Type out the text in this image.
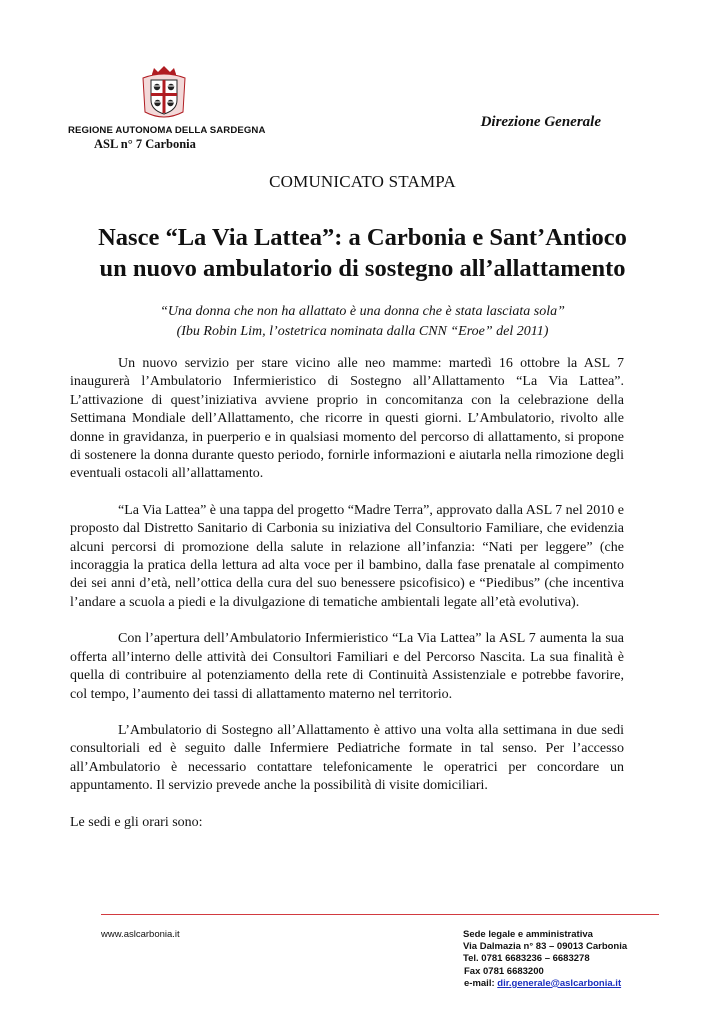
REGIONE AUTONOMA DELLA SARDEGNA
ASL n° 7 Carbonia
Direzione Generale
COMUNICATO STAMPA
Nasce “La Via Lattea”: a Carbonia e Sant’Antioco
un nuovo ambulatorio di sostegno all’allattamento
“Una donna che non ha allattato è una donna che è stata lasciata sola”
(Ibu Robin Lim, l’ostetrica nominata dalla CNN “Eroe” del 2011)

Un nuovo servizio per stare vicino alle neo mamme: martedì 16 ottobre la ASL 7 inaugurerà l’Ambulatorio Infermieristico di Sostegno all’Allattamento “La Via Lattea”. L’attivazione di quest’iniziativa avviene proprio in concomitanza con la celebrazione della Settimana Mondiale dell’Allattamento, che ricorre in questi giorni. L’Ambulatorio, rivolto alle donne in gravidanza, in puerperio e in qualsiasi momento del percorso di allattamento, si propone di sostenere la donna durante questo periodo, fornirle informazioni e aiutarla nella rimozione degli eventuali ostacoli all’allattamento.

“La Via Lattea” è una tappa del progetto “Madre Terra”, approvato dalla ASL 7 nel 2010 e proposto dal Distretto Sanitario di Carbonia su iniziativa del Consultorio Familiare, che evidenzia alcuni percorsi di promozione della salute in relazione all’infanzia: “Nati per leggere” (che incoraggia la pratica della lettura ad alta voce per il bambino, dalla fase prenatale al compimento dei sei anni d’età, nell’ottica della cura del suo benessere psicofisico) e “Piedibus” (che incentiva l’andare a scuola a piedi e la divulgazione di tematiche ambientali legate all’età evolutiva).

Con l’apertura dell’Ambulatorio Infermieristico “La Via Lattea” la ASL 7 aumenta la sua offerta all’interno delle attività dei Consultori Familiari e del Percorso Nascita. La sua finalità è quella di contribuire al potenziamento della rete di Continuità Assistenziale e potrebbe favorire, col tempo, l’aumento dei tassi di allattamento materno nel territorio.

L’Ambulatorio di Sostegno all’Allattamento è attivo una volta alla settimana in due sedi consultoriali ed è seguito dalle Infermiere Pediatriche formate in tal senso. Per l’accesso all’Ambulatorio è necessario contattare telefonicamente le operatrici per concordare un appuntamento. Il servizio prevede anche la possibilità di visite domiciliari.

Le sedi e gli orari sono:

www.aslcarbonia.it	Sede legale e amministrativa
Via Dalmazia n° 83 – 09013 Carbonia
Tel. 0781 6683236 – 6683278
Fax 0781 6683200
e-mail: dir.generale@aslcarbonia.it
